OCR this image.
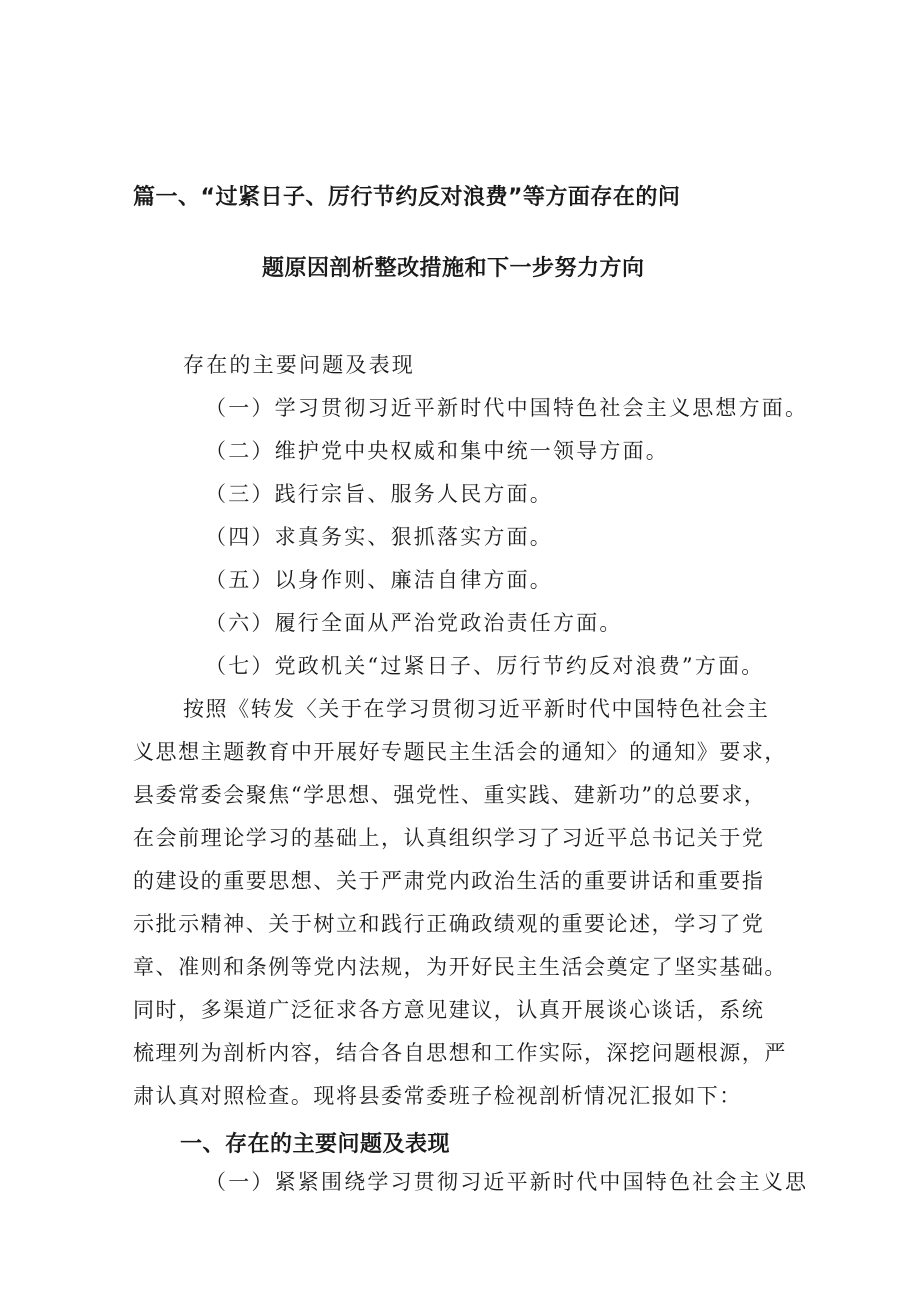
篇一、“过紧日子、厉行节约反对浪费”等方面存在的问
题原因剖析整改措施和下一步努力方向
存在的主要问题及表现
（一）学习贯彻习近平新时代中国特色社会主义思想方面。
（二）维护党中央权威和集中统一领导方面。
（三）践行宗旨、服务人民方面。
（四）求真务实、狠抓落实方面。
（五）以身作则、廉洁自律方面。
（六）履行全面从严治党政治责任方面。
（七）党政机关“过紧日子、厉行节约反对浪费”方面。
按照《转发〈关于在学习贯彻习近平新时代中国特色社会主
义思想主题教育中开展好专题民主生活会的通知〉的通知》要求，
县委常委会聚焦“学思想、强党性、重实践、建新功”的总要求，
在会前理论学习的基础上，认真组织学习了习近平总书记关于党
的建设的重要思想、关于严肃党内政治生活的重要讲话和重要指
示批示精神、关于树立和践行正确政绩观的重要论述，学习了党
章、准则和条例等党内法规，为开好民主生活会奠定了坚实基础。
同时，多渠道广泛征求各方意见建议，认真开展谈心谈话，系统
梳理列为剖析内容，结合各自思想和工作实际，深挖问题根源，严
肃认真对照检查。现将县委常委班子检视剖析情况汇报如下：
一、存在的主要问题及表现
（一）紧紧围绕学习贯彻习近平新时代中国特色社会主义思
